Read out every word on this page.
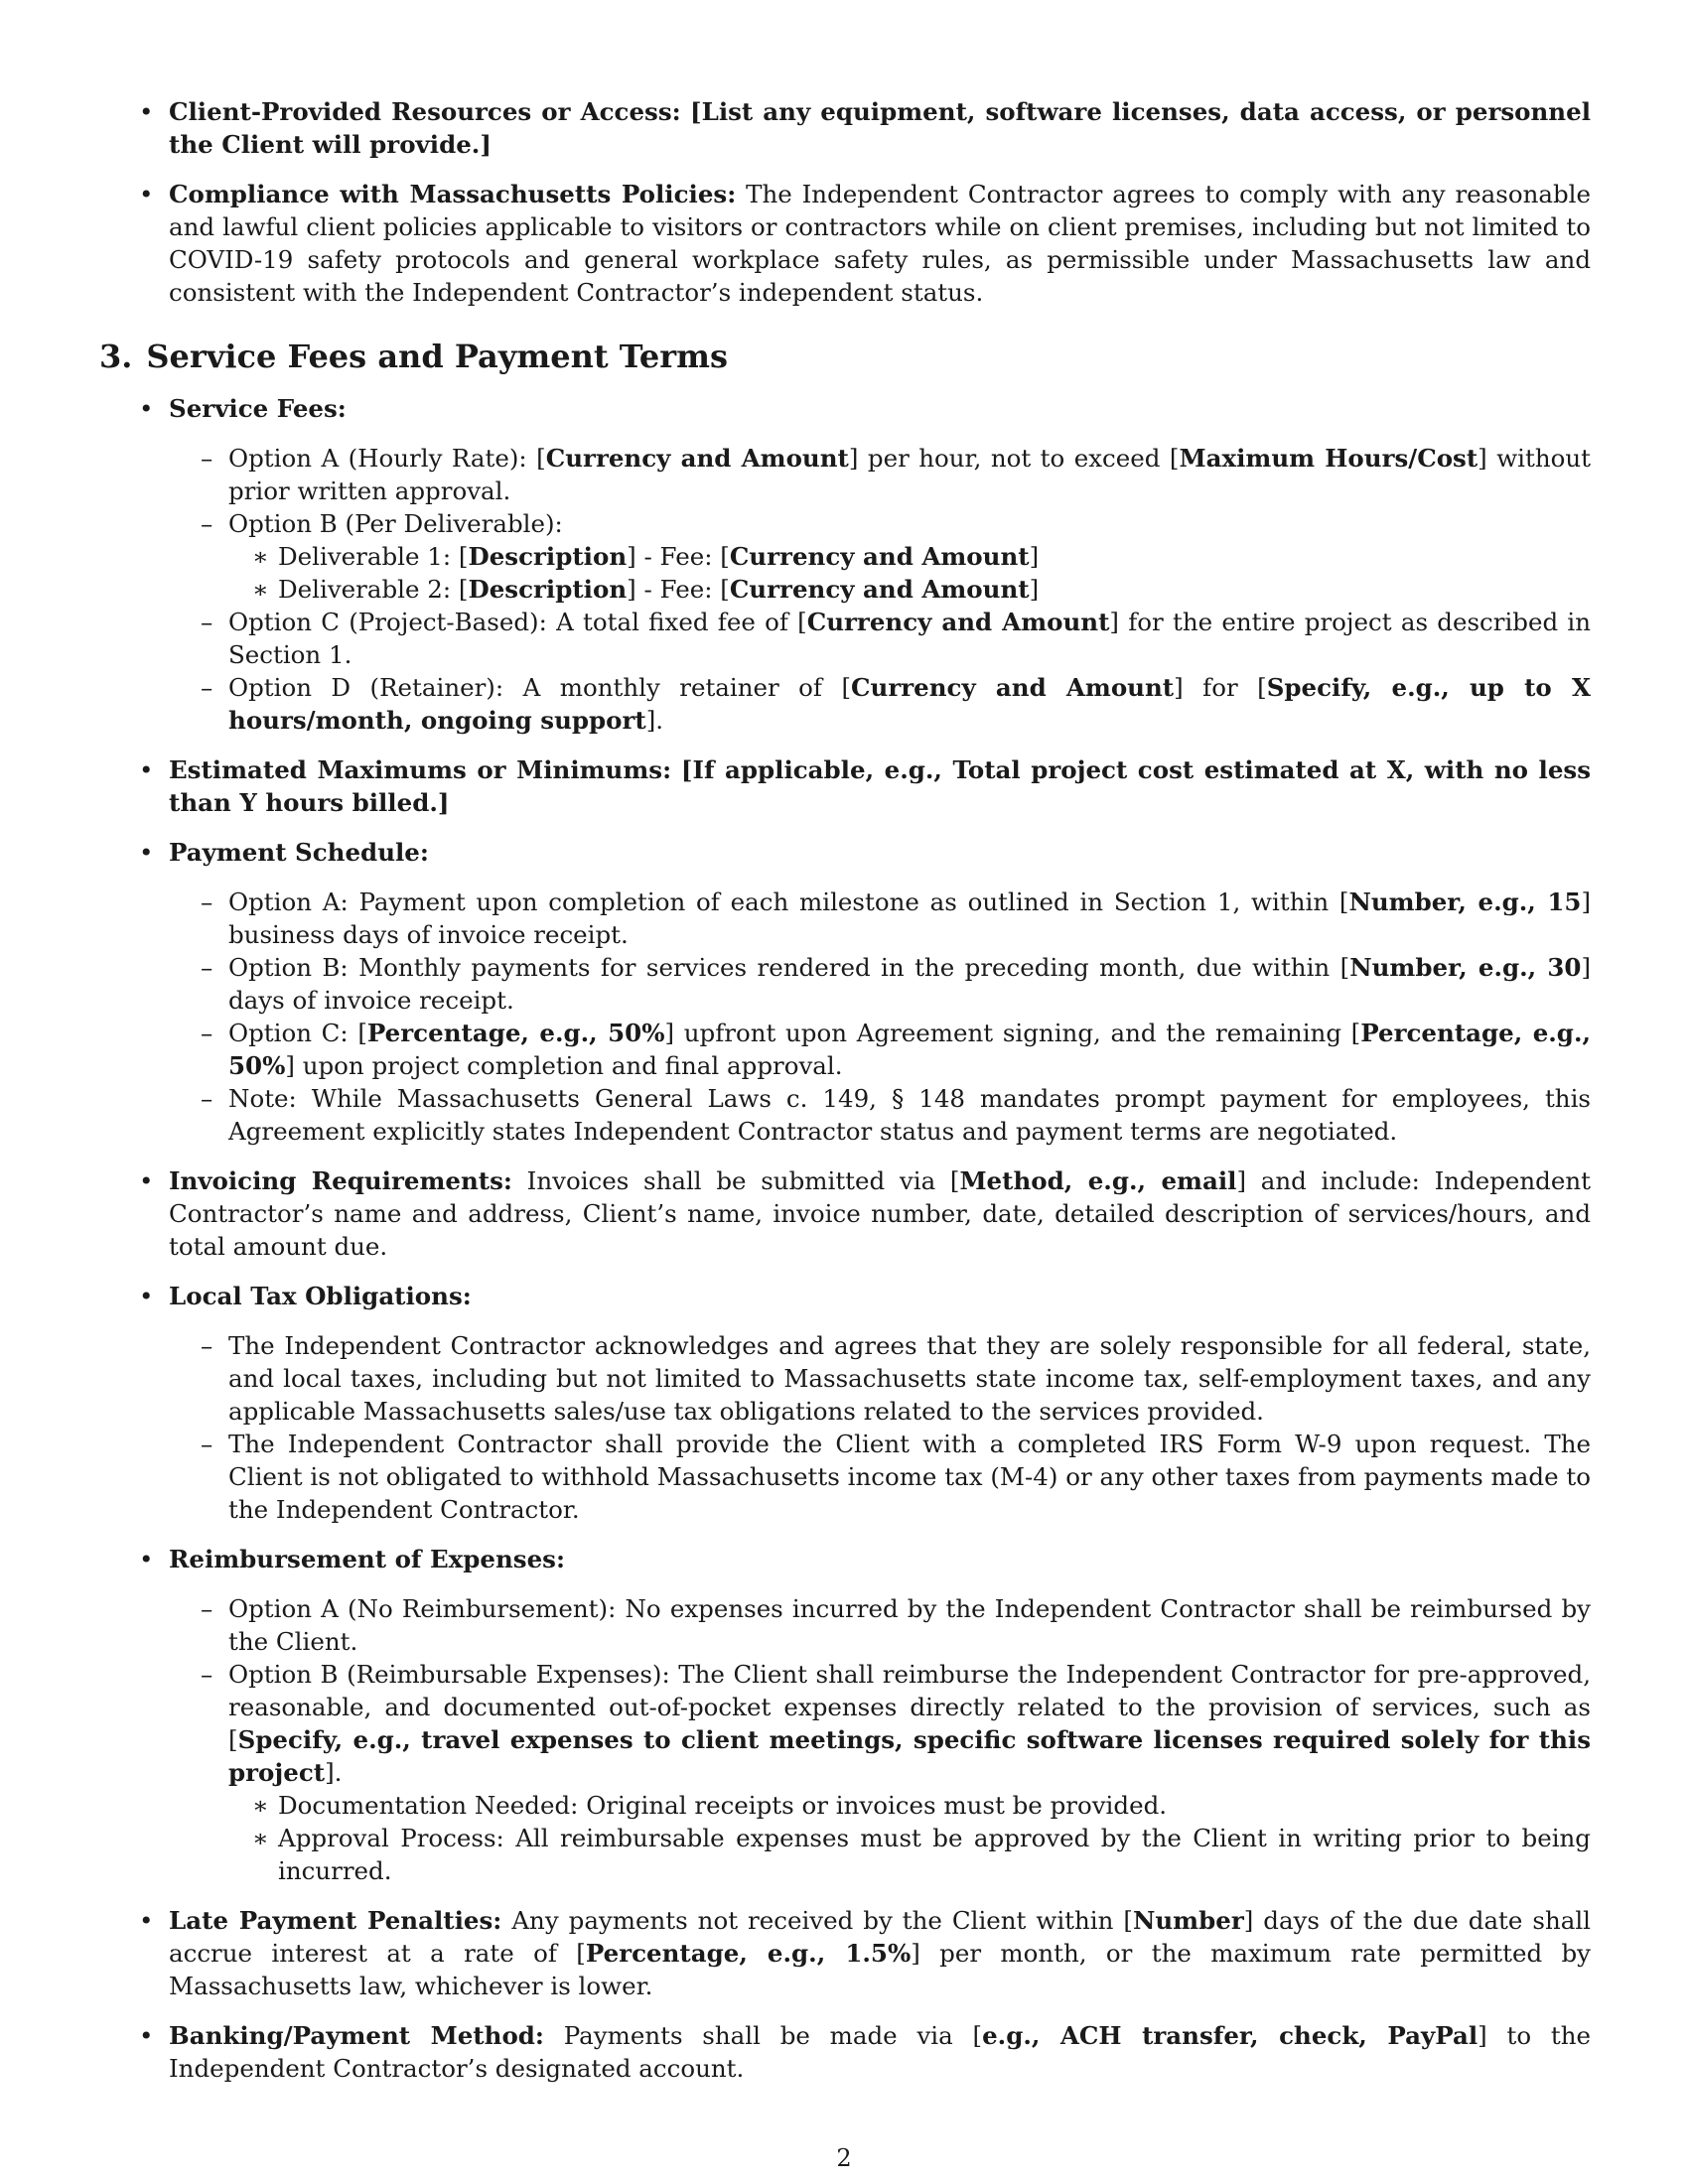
• Client-Provided Resources or Access: [List any equipment, software licenses, data access, or personnel the Client will provide.]
• Compliance with Massachusetts Policies: The Independent Contractor agrees to comply with any reasonable and lawful client policies applicable to visitors or contractors while on client premises, including but not limited to COVID-19 safety protocols and general workplace safety rules, as permissible under Massachusetts law and consistent with the Independent Contractor’s independent status.
3. Service Fees and Payment Terms
• Service Fees:
– Option A (Hourly Rate): [Currency and Amount] per hour, not to exceed [Maximum Hours/Cost] without prior written approval.
– Option B (Per Deliverable):
∗ Deliverable 1: [Description] - Fee: [Currency and Amount]
∗ Deliverable 2: [Description] - Fee: [Currency and Amount]
– Option C (Project-Based): A total fixed fee of [Currency and Amount] for the entire project as described in Section 1.
– Option D (Retainer): A monthly retainer of [Currency and Amount] for [Specify, e.g., up to X hours/month, ongoing support].
• Estimated Maximums or Minimums: [If applicable, e.g., Total project cost estimated at X, with no less than Y hours billed.]
• Payment Schedule:
– Option A: Payment upon completion of each milestone as outlined in Section 1, within [Number, e.g., 15] business days of invoice receipt.
– Option B: Monthly payments for services rendered in the preceding month, due within [Number, e.g., 30] days of invoice receipt.
– Option C: [Percentage, e.g., 50%] upfront upon Agreement signing, and the remaining [Percentage, e.g., 50%] upon project completion and final approval.
– Note: While Massachusetts General Laws c. 149, § 148 mandates prompt payment for employees, this Agreement explicitly states Independent Contractor status and payment terms are negotiated.
• Invoicing Requirements: Invoices shall be submitted via [Method, e.g., email] and include: Independent Contractor’s name and address, Client’s name, invoice number, date, detailed description of services/hours, and total amount due.
• Local Tax Obligations:
– The Independent Contractor acknowledges and agrees that they are solely responsible for all federal, state, and local taxes, including but not limited to Massachusetts state income tax, self-employment taxes, and any applicable Massachusetts sales/use tax obligations related to the services provided.
– The Independent Contractor shall provide the Client with a completed IRS Form W-9 upon request. The Client is not obligated to withhold Massachusetts income tax (M-4) or any other taxes from payments made to the Independent Contractor.
• Reimbursement of Expenses:
– Option A (No Reimbursement): No expenses incurred by the Independent Contractor shall be reimbursed by the Client.
– Option B (Reimbursable Expenses): The Client shall reimburse the Independent Contractor for pre-approved, reasonable, and documented out-of-pocket expenses directly related to the provision of services, such as [Specify, e.g., travel expenses to client meetings, specific software licenses required solely for this project].
∗ Documentation Needed: Original receipts or invoices must be provided.
∗ Approval Process: All reimbursable expenses must be approved by the Client in writing prior to being incurred.
• Late Payment Penalties: Any payments not received by the Client within [Number] days of the due date shall accrue interest at a rate of [Percentage, e.g., 1.5%] per month, or the maximum rate permitted by Massachusetts law, whichever is lower.
• Banking/Payment Method: Payments shall be made via [e.g., ACH transfer, check, PayPal] to the Independent Contractor’s designated account.
2
